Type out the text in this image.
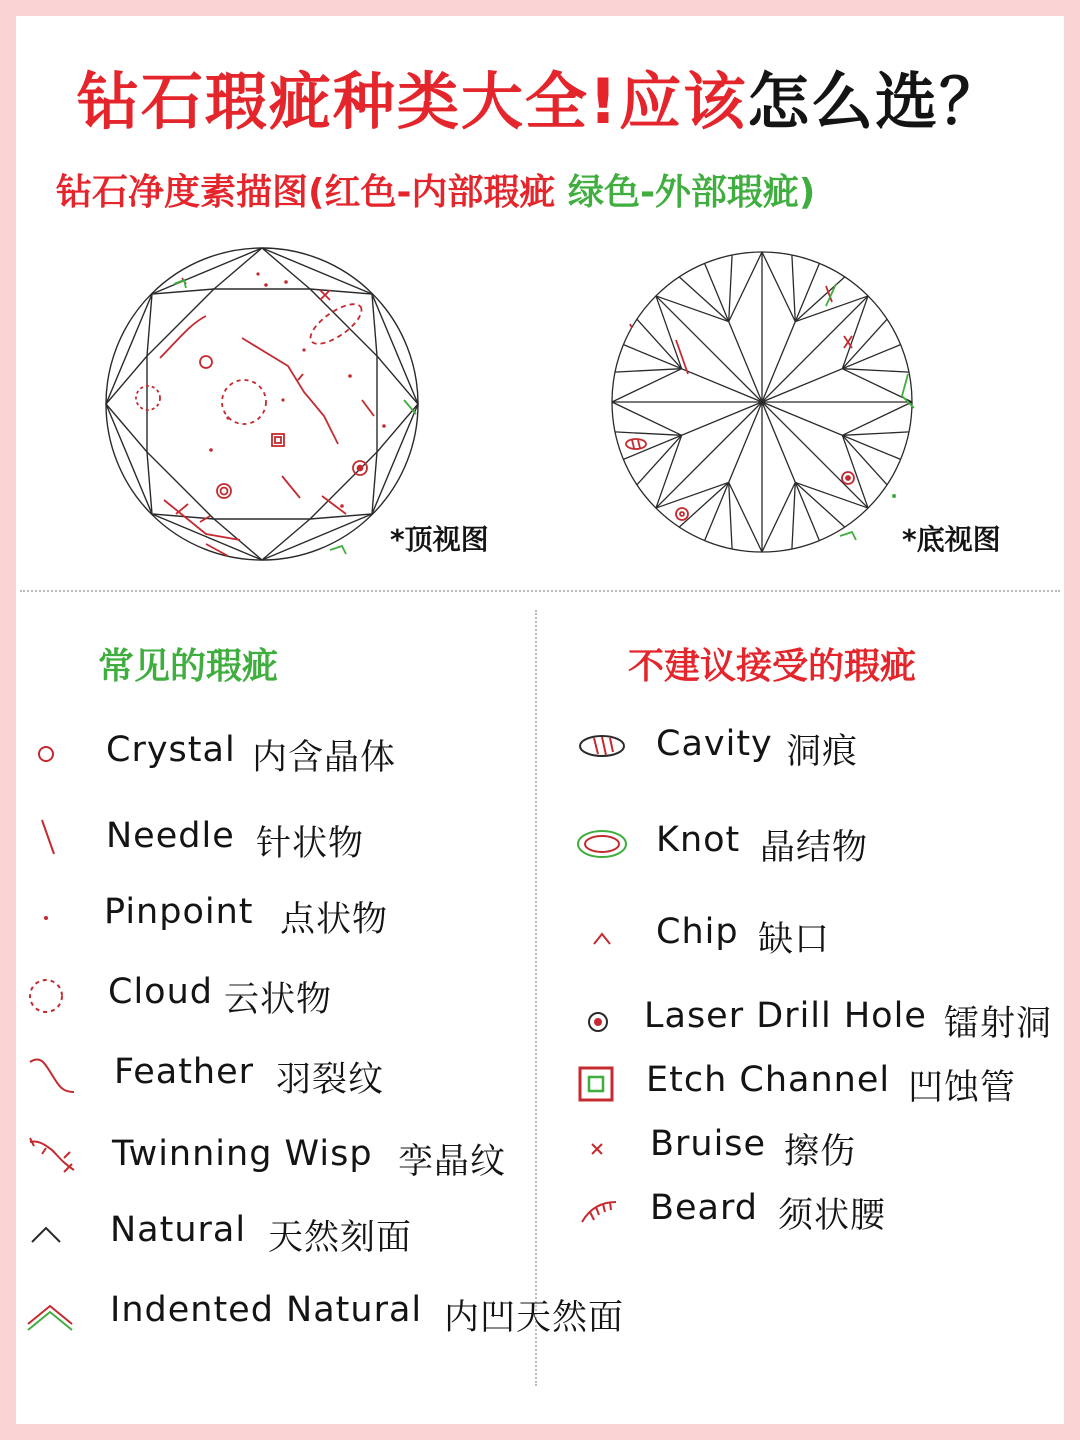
钻石瑕疵种类大全!应该怎么选？
钻石净度素描图(红色-内部瑕疵 绿色-外部瑕疵)
*顶视图	*底视图
常见的瑕疵	不建议接受的瑕疵
Crystal 内含晶体
Needle 针状物
Pinpoint 点状物
Cloud 云状物
Feather 羽裂纹
Twinning Wisp 孪晶纹
Natural 天然刻面
Indented Natural 内凹天然面
Cavity 洞痕
Knot 晶结物
Chip 缺口
Laser Drill Hole 镭射洞
Etch Channel 凹蚀管
Bruise 擦伤
Beard 须状腰
